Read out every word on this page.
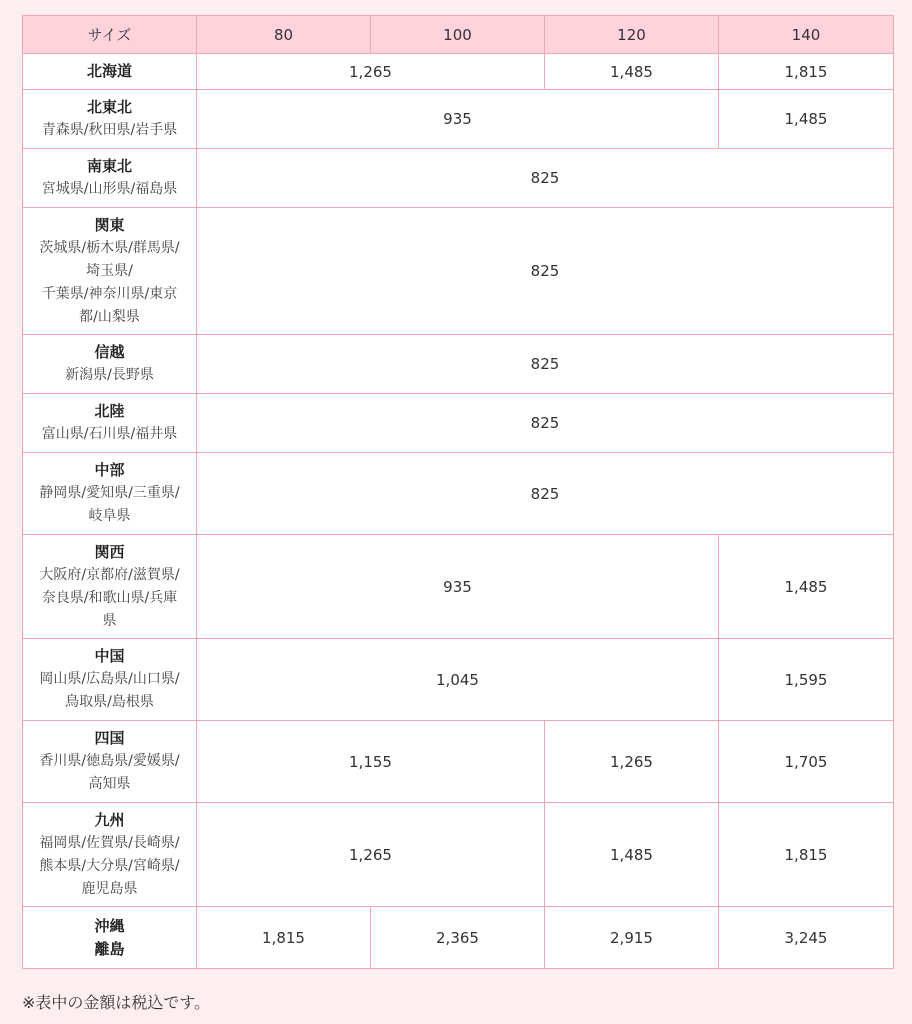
サイズ	80	100	120	140

北海道	1,265		1,485	1,815

北東北
青森県/秋田県/岩手県	935			1,485

南東北
宮城県/山形県/福島県	825			

関東
茨城県/栃木県/群馬県/
埼玉県/
千葉県/神奈川県/東京
都/山梨県	825			

信越
新潟県/長野県	825			

北陸
富山県/石川県/福井県	825			

中部
静岡県/愛知県/三重県/
岐阜県	825			

関西
大阪府/京都府/滋賀県/
奈良県/和歌山県/兵庫
県	935			1,485

中国
岡山県/広島県/山口県/
鳥取県/島根県	1,045			1,595

四国
香川県/徳島県/愛媛県/
高知県	1,155		1,265	1,705

九州
福岡県/佐賀県/長崎県/
熊本県/大分県/宮崎県/
鹿児島県	1,265		1,485	1,815

沖縄
離島	1,815	2,365	2,915	3,245
※表中の金額は税込です。
